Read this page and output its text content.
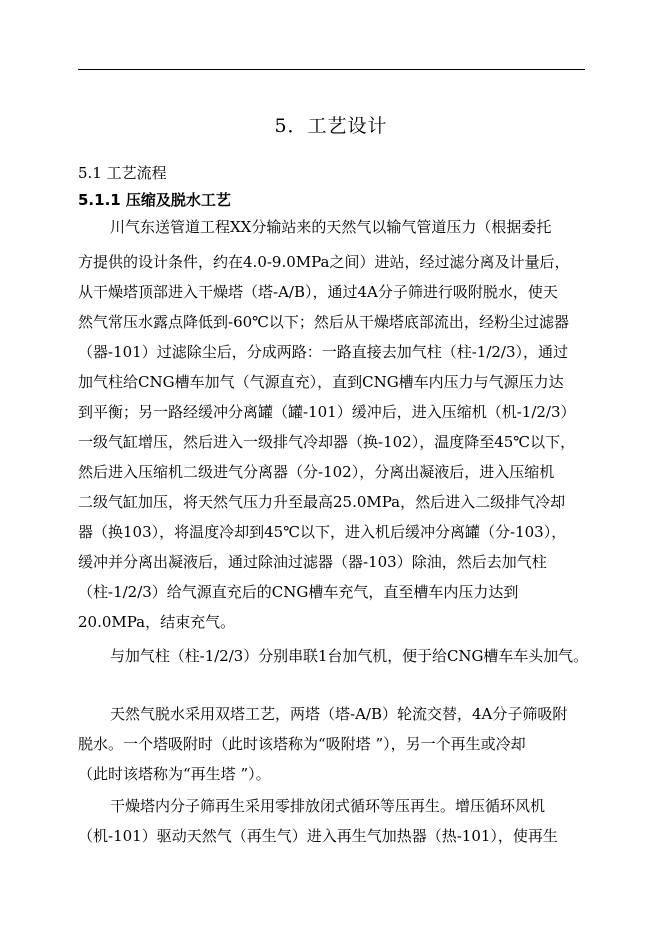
5．工艺设计
5.1 工艺流程
5.1.1 压缩及脱水工艺
川气东送管道工程XX分输站来的天然气以输气管道压力（根据委托
方提供的设计条件，约在4.0-9.0MPa之间）进站，经过滤分离及计量后，
从干燥塔顶部进入干燥塔（塔-A/B），通过4A分子筛进行吸附脱水，使天
然气常压水露点降低到-60℃以下；然后从干燥塔底部流出，经粉尘过滤器
（器-101）过滤除尘后，分成两路：一路直接去加气柱（柱-1/2/3），通过
加气柱给CNG槽车加气（气源直充），直到CNG槽车内压力与气源压力达
到平衡；另一路经缓冲分离罐（罐-101）缓冲后，进入压缩机（机-1/2/3）
一级气缸增压，然后进入一级排气冷却器（换-102），温度降至45℃以下，
然后进入压缩机二级进气分离器（分-102），分离出凝液后，进入压缩机
二级气缸加压，将天然气压力升至最高25.0MPa，然后进入二级排气冷却
器（换103），将温度冷却到45℃以下，进入机后缓冲分离罐（分-103），
缓冲并分离出凝液后，通过除油过滤器（器-103）除油，然后去加气柱
（柱-1/2/3）给气源直充后的CNG槽车充气，直至槽车内压力达到
20.0MPa，结束充气。
与加气柱（柱-1/2/3）分别串联1台加气机，便于给CNG槽车车头加气。
天然气脱水采用双塔工艺，两塔（塔-A/B）轮流交替，4A分子筛吸附
脱水。一个塔吸附时（此时该塔称为“吸附塔 ”），另一个再生或冷却
（此时该塔称为“再生塔 ”）。
干燥塔内分子筛再生采用零排放闭式循环等压再生。增压循环风机
（机-101）驱动天然气（再生气）进入再生气加热器（热-101），使再生
